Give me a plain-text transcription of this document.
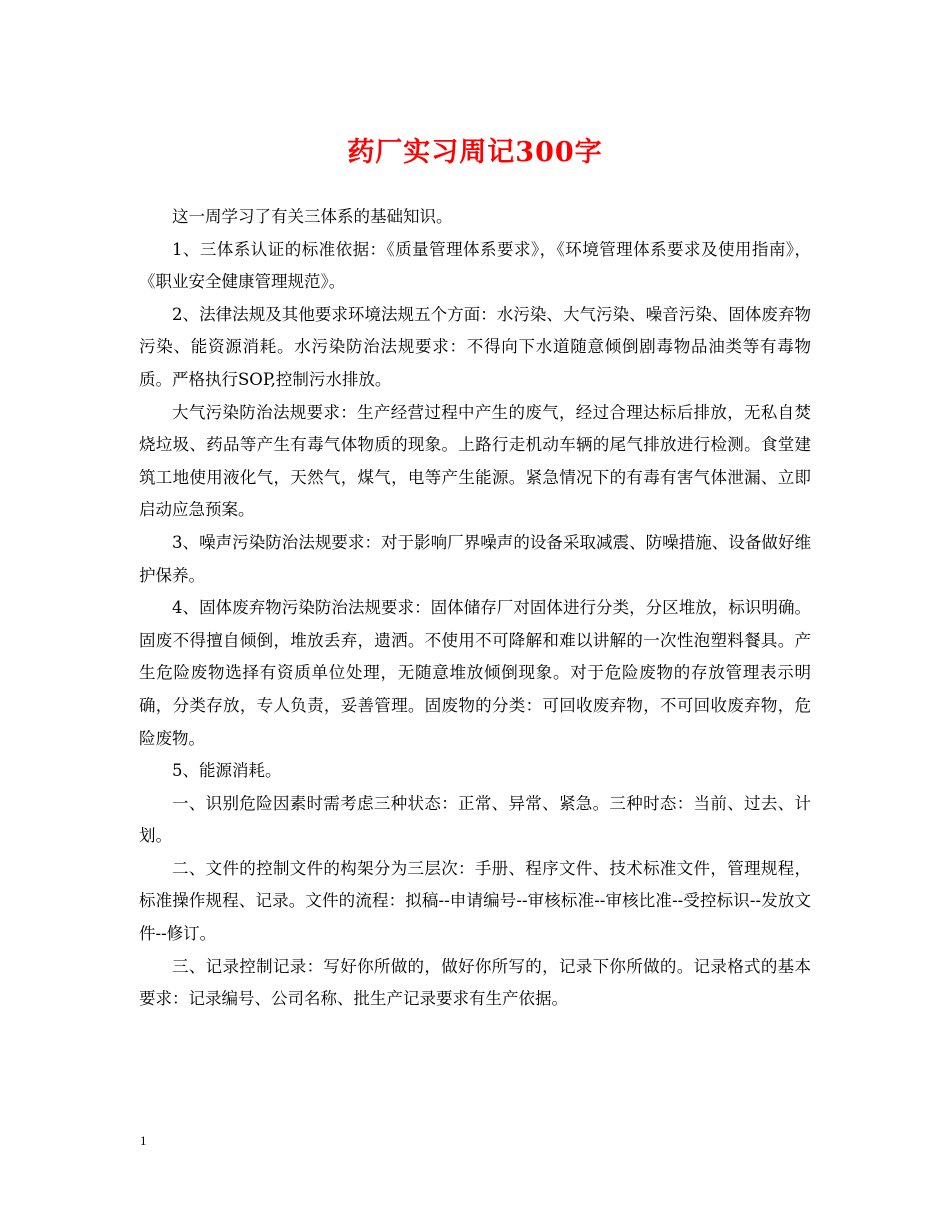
药厂实习周记300字

这一周学习了有关三体系的基础知识。

1、三体系认证的标准依据：《质量管理体系要求》，《环境管理体系要求及使用指南》，《职业安全健康管理规范》。

2、法律法规及其他要求环境法规五个方面：水污染、大气污染、噪音污染、固体废弃物污染、能资源消耗。水污染防治法规要求：不得向下水道随意倾倒剧毒物品油类等有毒物质。严格执行SOP,控制污水排放。

大气污染防治法规要求：生产经营过程中产生的废气，经过合理达标后排放，无私自焚烧垃圾、药品等产生有毒气体物质的现象。上路行走机动车辆的尾气排放进行检测。食堂建筑工地使用液化气，天然气，煤气，电等产生能源。紧急情况下的有毒有害气体泄漏、立即启动应急预案。

3、噪声污染防治法规要求：对于影响厂界噪声的设备采取减震、防噪措施、设备做好维护保养。

4、固体废弃物污染防治法规要求：固体储存厂对固体进行分类，分区堆放，标识明确。固废不得擅自倾倒，堆放丢弃，遗洒。不使用不可降解和难以讲解的一次性泡塑料餐具。产生危险废物选择有资质单位处理，无随意堆放倾倒现象。对于危险废物的存放管理表示明确，分类存放，专人负责，妥善管理。固废物的分类：可回收废弃物，不可回收废弃物，危险废物。

5、能源消耗。

一、识别危险因素时需考虑三种状态：正常、异常、紧急。三种时态：当前、过去、计划。

二、文件的控制文件的构架分为三层次：手册、程序文件、技术标准文件，管理规程，标准操作规程、记录。文件的流程：拟稿--申请编号--审核标准--审核比准--受控标识--发放文件--修订。

三、记录控制记录：写好你所做的，做好你所写的，记录下你所做的。记录格式的基本要求：记录编号、公司名称、批生产记录要求有生产依据。

1
